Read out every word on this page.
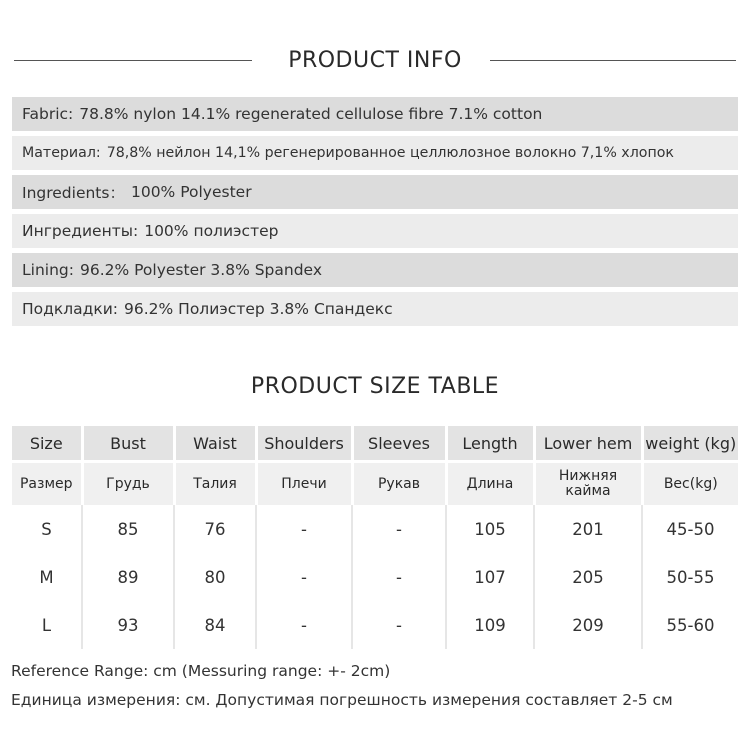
PRODUCT INFO
Fabric: 78.8% nylon 14.1% regenerated cellulose fibre 7.1% cotton
Материал: 78,8% нейлон 14,1% регенерированное целлюлозное волокно 7,1% хлопок
Ingredients： 100% Polyester
Ингредиенты: 100% полиэстер
Lining: 96.2% Polyester 3.8% Spandex
Подкладки: 96.2% Полиэстер 3.8% Спандекс
PRODUCT SIZE TABLE
Size	Bust	Waist	Shoulders	Sleeves	Length	Lower hem	weight (kg)
Размер	Грудь	Талия	Плечи	Рукав	Длина	Нижняя кайма	Вес(kg)
S	85	76	-	-	105	201	45-50
M	89	80	-	-	107	205	50-55
L	93	84	-	-	109	209	55-60
Reference Range: cm (Messuring range: +- 2cm)
Единица измерения: см. Допустимая погрешность измерения составляет 2-5 см
